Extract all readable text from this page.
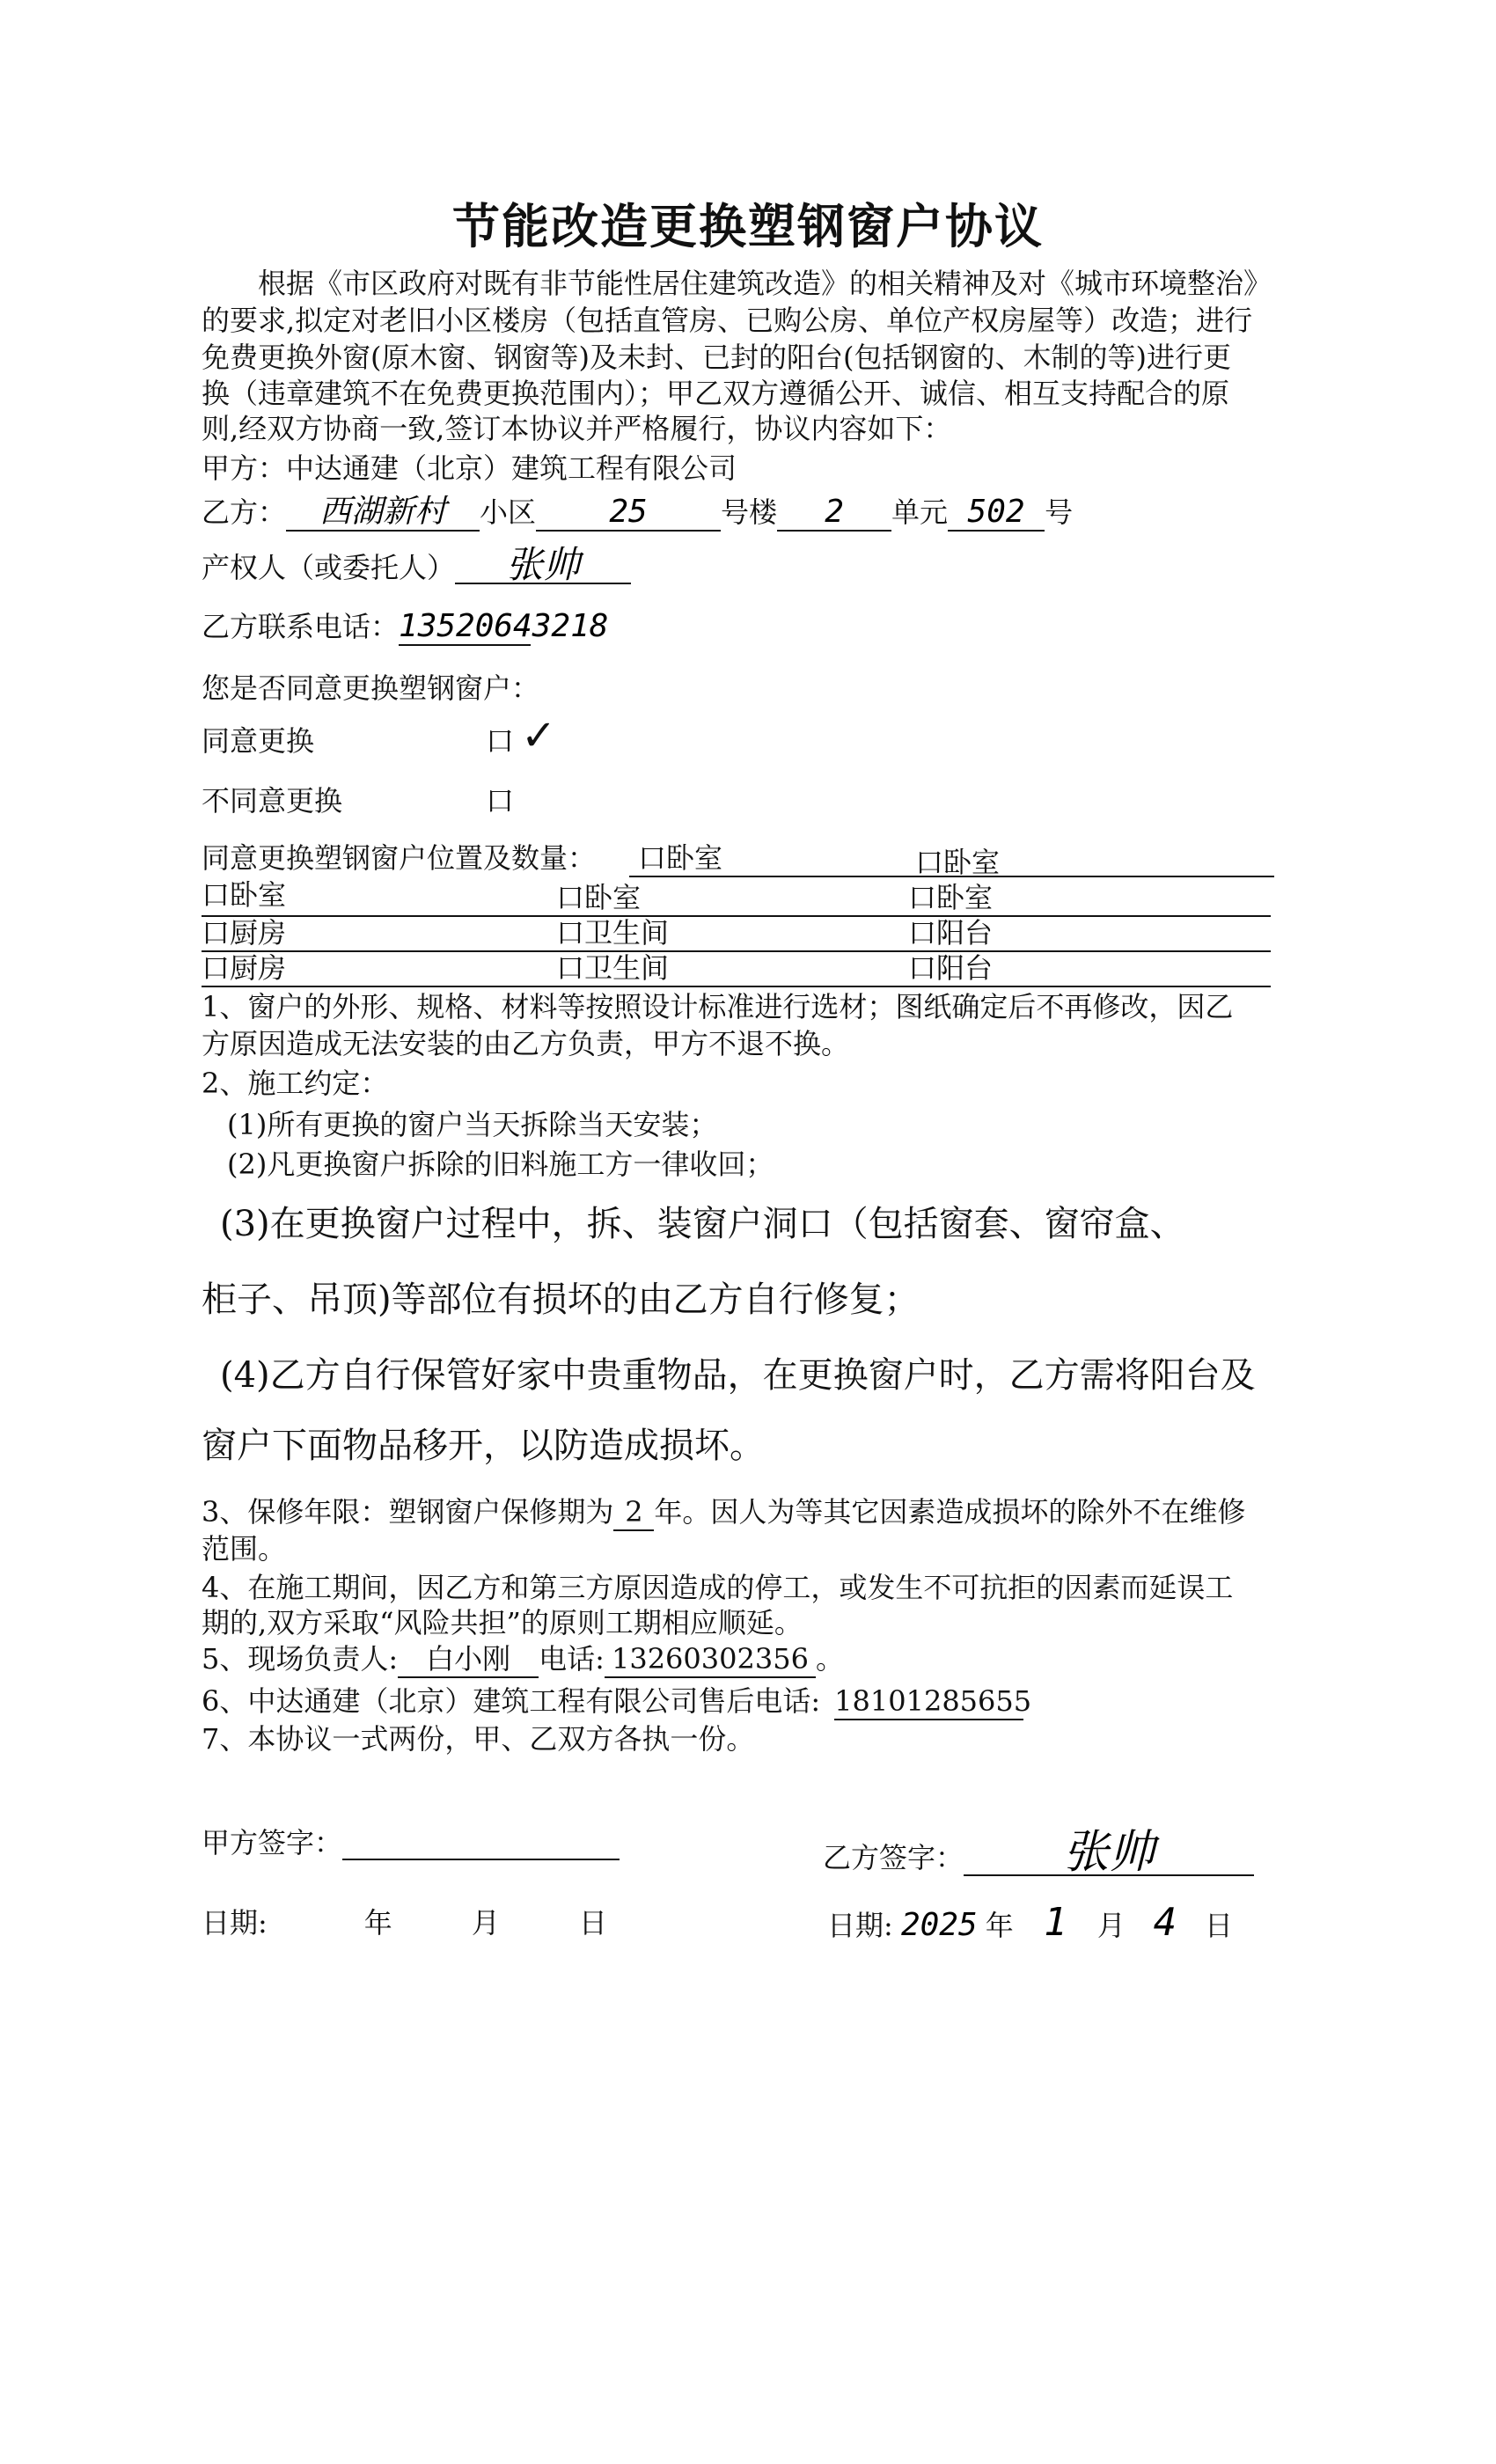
节能改造更换塑钢窗户协议
　　根据《市区政府对既有非节能性居住建筑改造》的相关精神及对《城市环境整治》
的要求,拟定对老旧小区楼房（包括直管房、已购公房、单位产权房屋等）改造；进行
免费更换外窗(原木窗、钢窗等)及未封、已封的阳台(包括钢窗的、木制的等)进行更
换（违章建筑不在免费更换范围内）；甲乙双方遵循公开、诚信、相互支持配合的原
则,经双方协商一致,签订本协议并严格履行，协议内容如下：
甲方：中达通建（北京）建筑工程有限公司
乙方： 西湖新村 小区 25	号楼 2 单元 502 号
产权人（或委托人） 张帅
乙方联系电话：13520643218
您是否同意更换塑钢窗户：
同意更换	口 ✓
不同意更换	口
同意更换塑钢窗户位置及数量： 口卧室	口卧室
口卧室	口卧室	口卧室
口厨房	口卫生间	口阳台
口厨房	口卫生间	口阳台
1、窗户的外形、规格、材料等按照设计标准进行选材；图纸确定后不再修改，因乙
方原因造成无法安装的由乙方负责，甲方不退不换。
2、施工约定：
(1)所有更换的窗户当天拆除当天安装；
(2)凡更换窗户拆除的旧料施工方一律收回；
(3)在更换窗户过程中，拆、装窗户洞口（包括窗套、窗帘盒、
柜子、吊顶)等部位有损坏的由乙方自行修复；
(4)乙方自行保管好家中贵重物品，在更换窗户时，乙方需将阳台及
窗户下面物品移开，以防造成损坏。
3、保修年限：塑钢窗户保修期为 2 年。因人为等其它因素造成损坏的除外不在维修
范围。
4、在施工期间，因乙方和第三方原因造成的停工，或发生不可抗拒的因素而延误工
期的,双方采取“风险共担”的原则工期相应顺延。
5、现场负责人: 白小刚 电话: 13260302356 。
6、中达通建（北京）建筑工程有限公司售后电话: 18101285655
7、本协议一式两份，甲、乙双方各执一份。
甲方签字：	乙方签字： 张帅
日期:	年	月	日	日期: 2025 年 1 月 4 日
